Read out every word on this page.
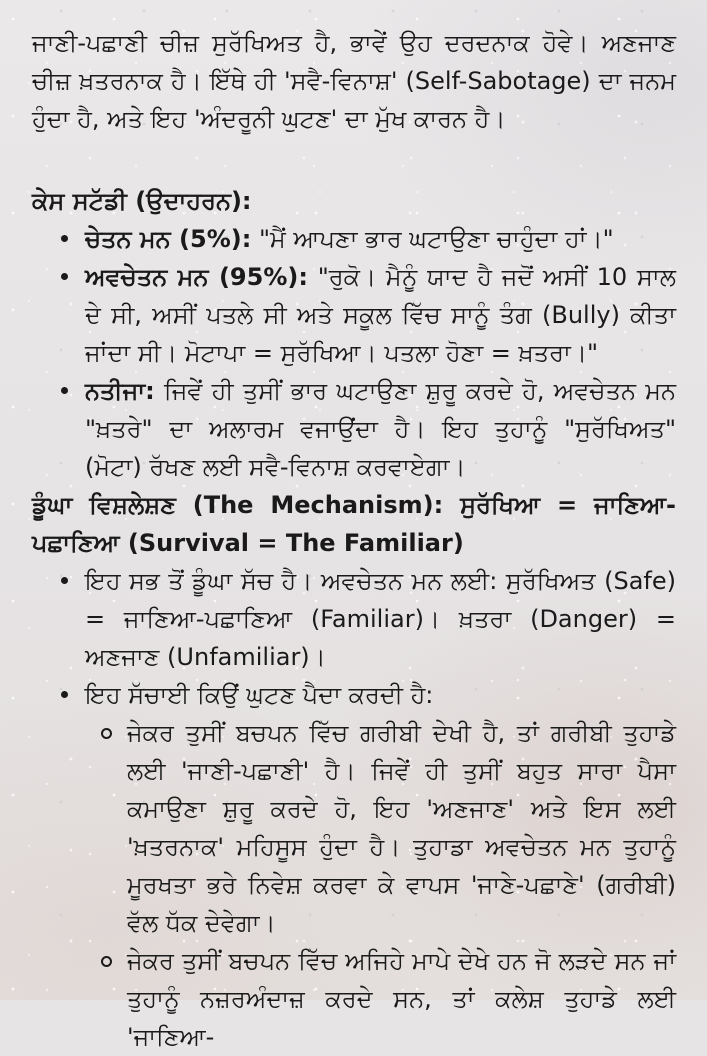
ਜਾਣੀ-ਪਛਾਣੀ ਚੀਜ਼ ਸੁਰੱਖਿਅਤ ਹੈ, ਭਾਵੇਂ ਉਹ ਦਰਦਨਾਕ ਹੋਵੇ। ਅਣਜਾਣ ਚੀਜ਼ ਖ਼ਤਰਨਾਕ ਹੈ। ਇੱਥੇ ਹੀ 'ਸਵੈ-ਵਿਨਾਸ਼' (Self-Sabotage) ਦਾ ਜਨਮ ਹੁੰਦਾ ਹੈ, ਅਤੇ ਇਹ 'ਅੰਦਰੂਨੀ ਘੁਟਣ' ਦਾ ਮੁੱਖ ਕਾਰਨ ਹੈ।

ਕੇਸ ਸਟੱਡੀ (ਉਦਾਹਰਨ):

ਚੇਤਨ ਮਨ (5%): "ਮੈਂ ਆਪਣਾ ਭਾਰ ਘਟਾਉਣਾ ਚਾਹੁੰਦਾ ਹਾਂ।"
ਅਵਚੇਤਨ ਮਨ (95%): "ਰੁਕੋ। ਮੈਨੂੰ ਯਾਦ ਹੈ ਜਦੋਂ ਅਸੀਂ 10 ਸਾਲ ਦੇ ਸੀ, ਅਸੀਂ ਪਤਲੇ ਸੀ ਅਤੇ ਸਕੂਲ ਵਿੱਚ ਸਾਨੂੰ ਤੰਗ (Bully) ਕੀਤਾ ਜਾਂਦਾ ਸੀ। ਮੋਟਾਪਾ = ਸੁਰੱਖਿਆ। ਪਤਲਾ ਹੋਣਾ = ਖ਼ਤਰਾ।"
ਨਤੀਜਾ: ਜਿਵੇਂ ਹੀ ਤੁਸੀਂ ਭਾਰ ਘਟਾਉਣਾ ਸ਼ੁਰੂ ਕਰਦੇ ਹੋ, ਅਵਚੇਤਨ ਮਨ "ਖ਼ਤਰੇ" ਦਾ ਅਲਾਰਮ ਵਜਾਉਂਦਾ ਹੈ। ਇਹ ਤੁਹਾਨੂੰ "ਸੁਰੱਖਿਅਤ" (ਮੋਟਾ) ਰੱਖਣ ਲਈ ਸਵੈ-ਵਿਨਾਸ਼ ਕਰਵਾਏਗਾ।

ਡੂੰਘਾ ਵਿਸ਼ਲੇਸ਼ਣ (The Mechanism): ਸੁਰੱਖਿਆ = ਜਾਣਿਆ-ਪਛਾਣਿਆ (Survival = The Familiar)

ਇਹ ਸਭ ਤੋਂ ਡੂੰਘਾ ਸੱਚ ਹੈ। ਅਵਚੇਤਨ ਮਨ ਲਈ: ਸੁਰੱਖਿਅਤ (Safe) = ਜਾਣਿਆ-ਪਛਾਣਿਆ (Familiar)। ਖ਼ਤਰਾ (Danger) = ਅਣਜਾਣ (Unfamiliar)।
ਇਹ ਸੱਚਾਈ ਕਿਉਂ ਘੁਟਣ ਪੈਦਾ ਕਰਦੀ ਹੈ:
ਜੇਕਰ ਤੁਸੀਂ ਬਚਪਨ ਵਿੱਚ ਗਰੀਬੀ ਦੇਖੀ ਹੈ, ਤਾਂ ਗਰੀਬੀ ਤੁਹਾਡੇ ਲਈ 'ਜਾਣੀ-ਪਛਾਣੀ' ਹੈ। ਜਿਵੇਂ ਹੀ ਤੁਸੀਂ ਬਹੁਤ ਸਾਰਾ ਪੈਸਾ ਕਮਾਉਣਾ ਸ਼ੁਰੂ ਕਰਦੇ ਹੋ, ਇਹ 'ਅਣਜਾਣ' ਅਤੇ ਇਸ ਲਈ 'ਖ਼ਤਰਨਾਕ' ਮਹਿਸੂਸ ਹੁੰਦਾ ਹੈ। ਤੁਹਾਡਾ ਅਵਚੇਤਨ ਮਨ ਤੁਹਾਨੂੰ ਮੂਰਖਤਾ ਭਰੇ ਨਿਵੇਸ਼ ਕਰਵਾ ਕੇ ਵਾਪਸ 'ਜਾਣੇ-ਪਛਾਣੇ' (ਗਰੀਬੀ) ਵੱਲ ਧੱਕ ਦੇਵੇਗਾ।
ਜੇਕਰ ਤੁਸੀਂ ਬਚਪਨ ਵਿੱਚ ਅਜਿਹੇ ਮਾਪੇ ਦੇਖੇ ਹਨ ਜੋ ਲੜਦੇ ਸਨ ਜਾਂ ਤੁਹਾਨੂੰ ਨਜ਼ਰਅੰਦਾਜ਼ ਕਰਦੇ ਸਨ, ਤਾਂ ਕਲੇਸ਼ ਤੁਹਾਡੇ ਲਈ 'ਜਾਣਿਆ-
